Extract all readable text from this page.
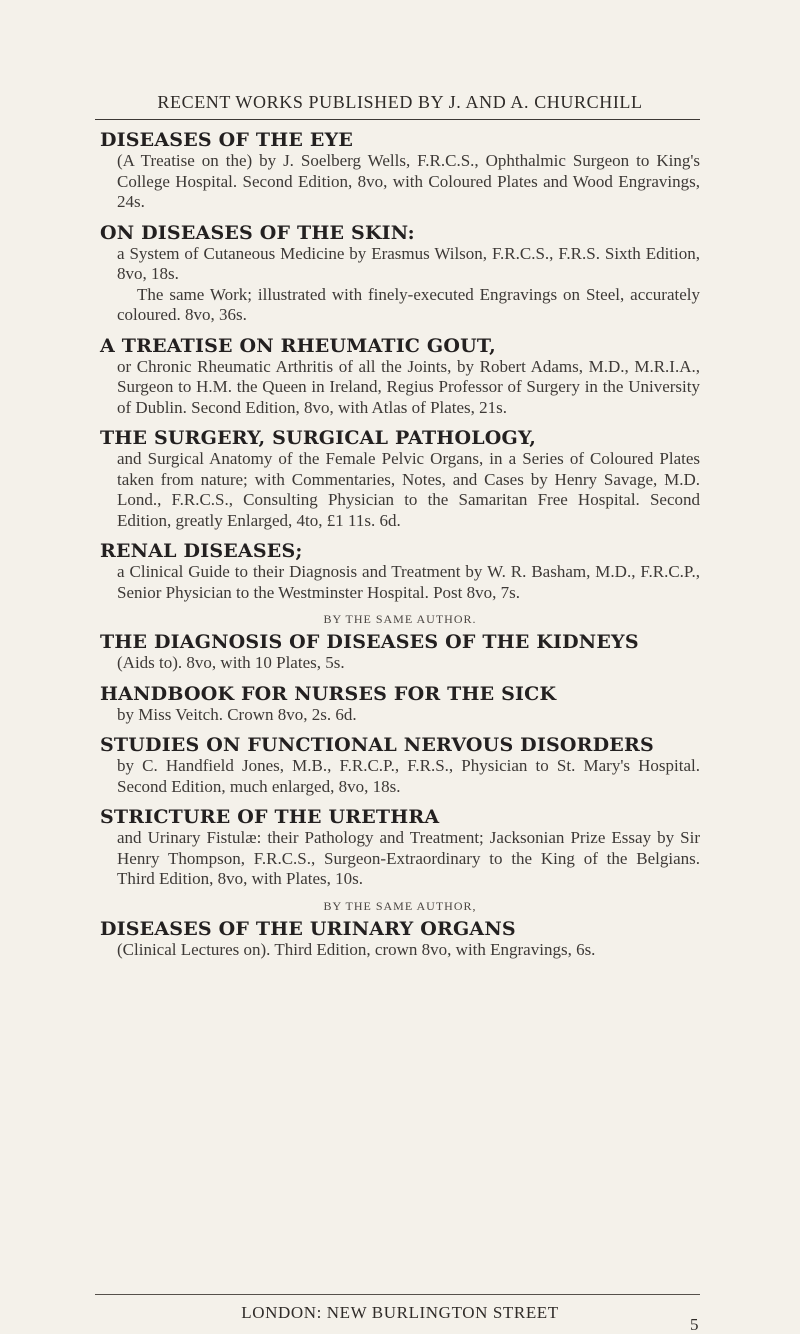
RECENT WORKS PUBLISHED BY J. AND A. CHURCHILL
DISEASES OF THE EYE
(A Treatise on the) by J. Soelberg Wells, F.R.C.S., Ophthalmic Surgeon to King's College Hospital. Second Edition, 8vo, with Coloured Plates and Wood Engravings, 24s.
ON DISEASES OF THE SKIN:
a System of Cutaneous Medicine by Erasmus Wilson, F.R.C.S., F.R.S. Sixth Edition, 8vo, 18s.
The same Work; illustrated with finely-executed Engravings on Steel, accurately coloured. 8vo, 36s.
A TREATISE ON RHEUMATIC GOUT,
or Chronic Rheumatic Arthritis of all the Joints, by Robert Adams, M.D., M.R.I.A., Surgeon to H.M. the Queen in Ireland, Regius Professor of Surgery in the University of Dublin. Second Edition, 8vo, with Atlas of Plates, 21s.
THE SURGERY, SURGICAL PATHOLOGY,
and Surgical Anatomy of the Female Pelvic Organs, in a Series of Coloured Plates taken from nature; with Commentaries, Notes, and Cases by Henry Savage, M.D. Lond., F.R.C.S., Consulting Physician to the Samaritan Free Hospital. Second Edition, greatly Enlarged, 4to, £1 11s. 6d.
RENAL DISEASES;
a Clinical Guide to their Diagnosis and Treatment by W. R. Basham, M.D., F.R.C.P., Senior Physician to the Westminster Hospital. Post 8vo, 7s.
BY THE SAME AUTHOR.
THE DIAGNOSIS OF DISEASES OF THE KIDNEYS
(Aids to). 8vo, with 10 Plates, 5s.
HANDBOOK FOR NURSES FOR THE SICK
by Miss Veitch. Crown 8vo, 2s. 6d.
STUDIES ON FUNCTIONAL NERVOUS DISORDERS
by C. Handfield Jones, M.B., F.R.C.P., F.R.S., Physician to St. Mary's Hospital. Second Edition, much enlarged, 8vo, 18s.
STRICTURE OF THE URETHRA
and Urinary Fistulæ: their Pathology and Treatment; Jacksonian Prize Essay by Sir Henry Thompson, F.R.C.S., Surgeon-Extraordinary to the King of the Belgians. Third Edition, 8vo, with Plates, 10s.
BY THE SAME AUTHOR,
DISEASES OF THE URINARY ORGANS
(Clinical Lectures on). Third Edition, crown 8vo, with Engravings, 6s.
LONDON: NEW BURLINGTON STREET
5
